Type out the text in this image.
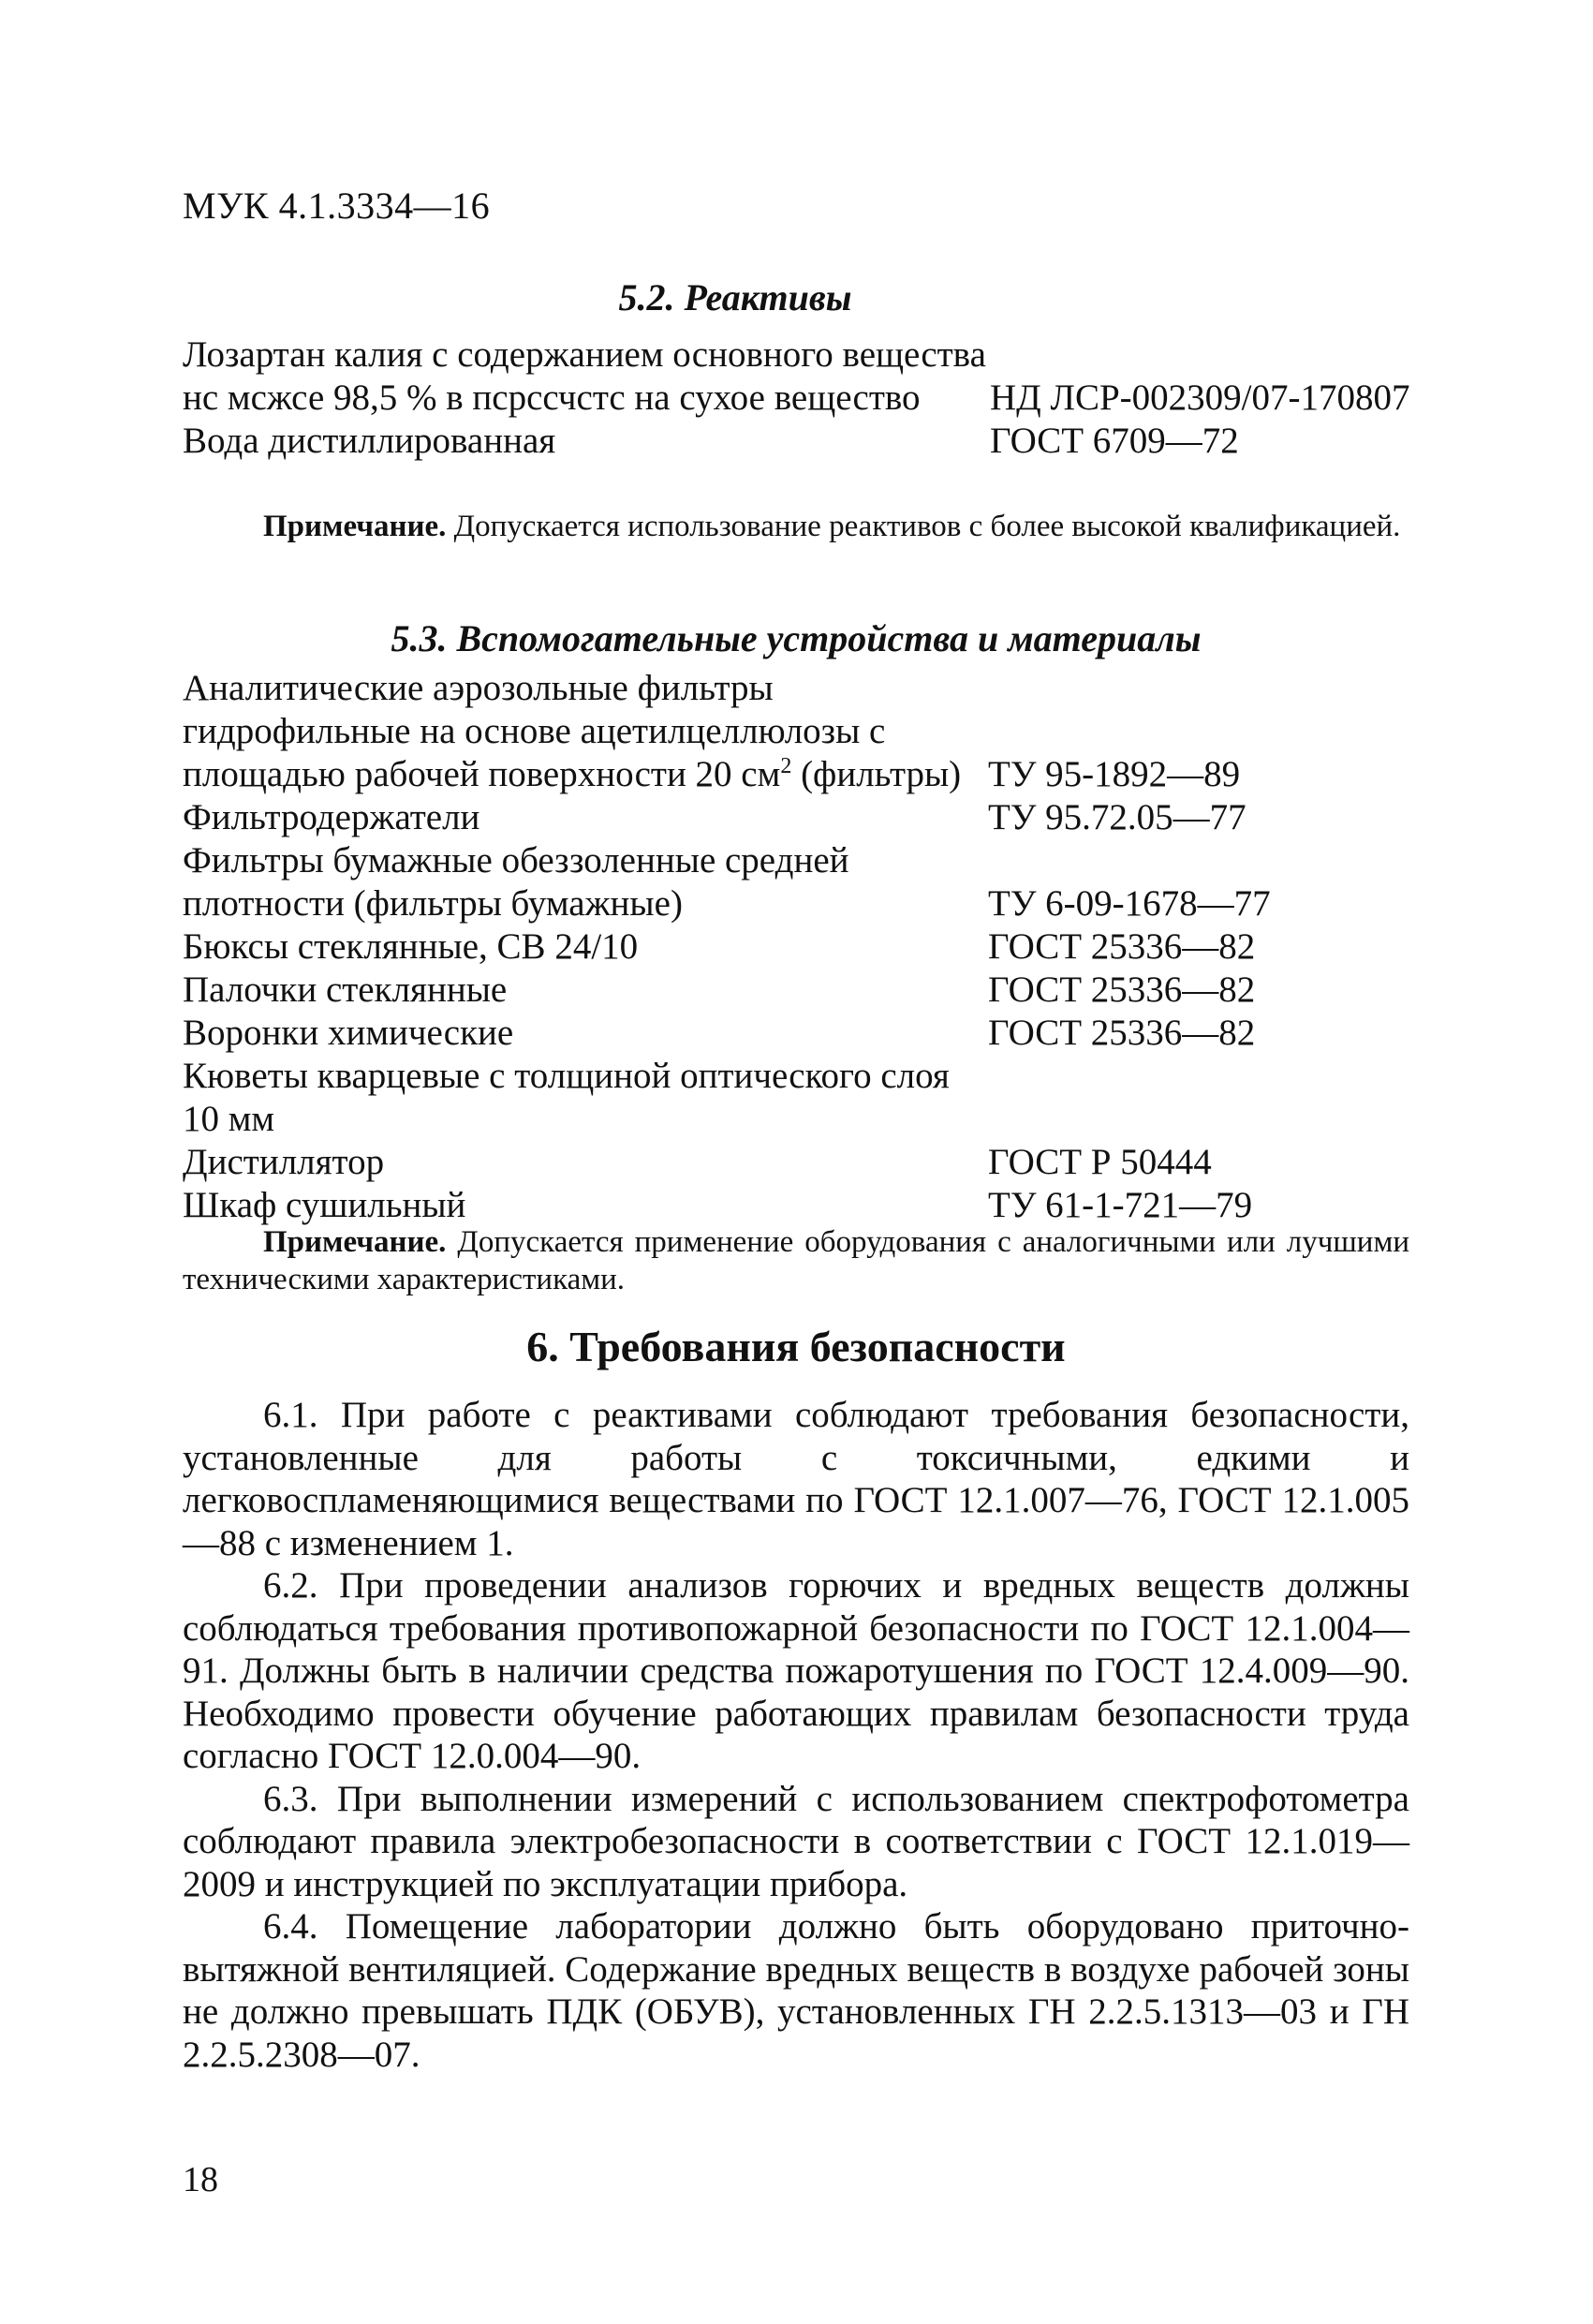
МУК 4.1.3334—16
5.2. Реактивы
Лозартан калия с содержанием основного вещества нс мсжсе 98,5 % в псрссчстс на сухое вещество	НД ЛСР-002309/07-170807
Вода дистиллированная	ГОСТ 6709—72
Примечание. Допускается использование реактивов с более высокой квалификацией.
5.3. Вспомогательные устройства и материалы
Аналитические аэрозольные фильтры гидрофильные на основе ацетилцеллюлозы с площадью рабочей поверхности 20 $см^2$ (фильтры) ТУ 95-1892—89
Фильтродержатели	ТУ 95.72.05—77
Фильтры бумажные обеззоленные средней плотности (фильтры бумажные)	ТУ 6-09-1678—77
Бюксы стеклянные, СВ 24/10	ГОСТ 25336—82
Палочки стеклянные	ГОСТ 25336—82
Воронки химические	ГОСТ 25336—82
Кюветы кварцевые с толщиной оптического слоя 10 мм
Дистиллятор	ГОСТ Р 50444
Шкаф сушильный	ТУ 61-1-721—79
Примечание. Допускается применение оборудования с аналогичными или лучшими техническими характеристиками.
6. Требования безопасности

6.1. При работе с реактивами соблюдают требования безопасности, установленные для работы с токсичными, едкими и легковоспламеняющимися веществами по ГОСТ 12.1.007—76, ГОСТ 12.1.005—88 с изменением 1.

6.2. При проведении анализов горючих и вредных веществ должны соблюдаться требования противопожарной безопасности по ГОСТ 12.1.004—91. Должны быть в наличии средства пожаротушения по ГОСТ 12.4.009—90. Необходимо провести обучение работающих правилам безопасности труда согласно ГОСТ 12.0.004—90.

6.3. При выполнении измерений с использованием спектрофотометра соблюдают правила электробезопасности в соответствии с ГОСТ 12.1.019—2009 и инструкцией по эксплуатации прибора.

6.4. Помещение лаборатории должно быть оборудовано приточно-вытяжной вентиляцией. Содержание вредных веществ в воздухе рабочей зоны не должно превышать ПДК (ОБУВ), установленных ГН 2.2.5.1313—03 и ГН 2.2.5.2308—07.

18
